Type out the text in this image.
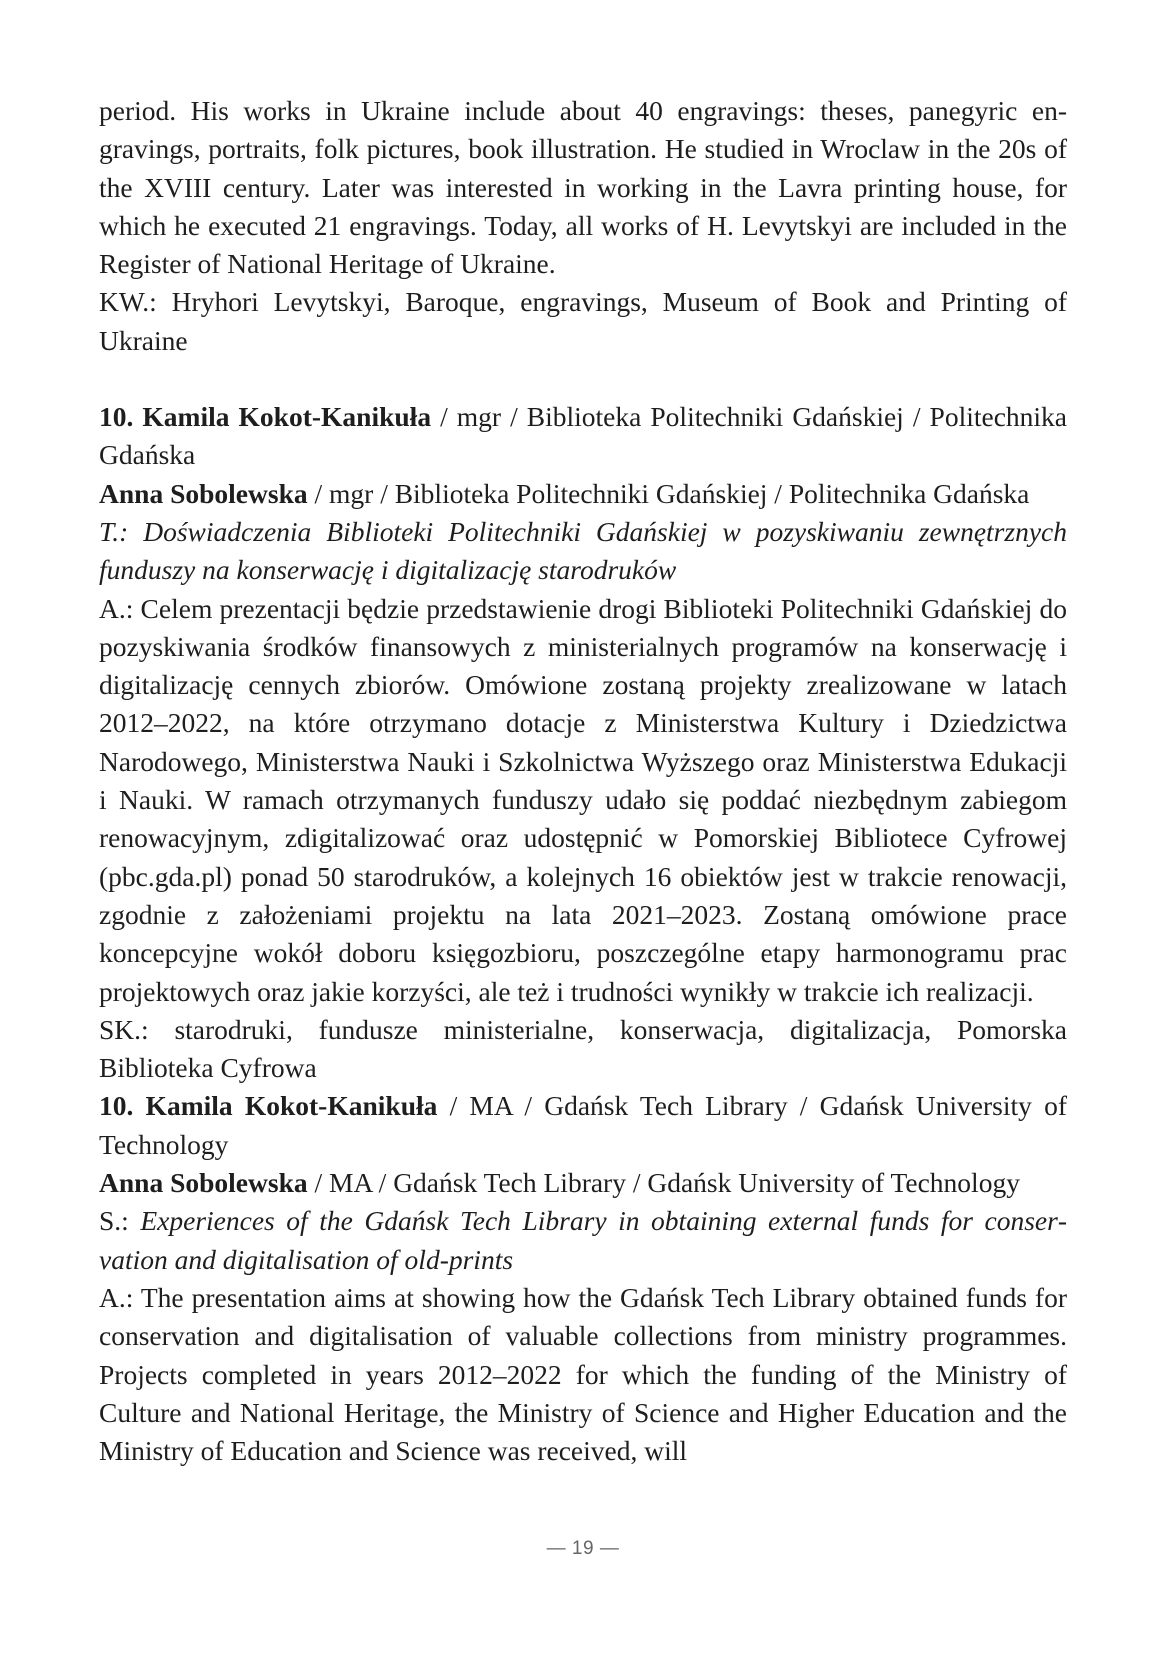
period. His works in Ukraine include about 40 engravings: theses, panegyric engravings, portraits, folk pictures, book illustration. He studied in Wroclaw in the 20s of the XVIII century. Later was interested in working in the Lavra printing house, for which he executed 21 engravings. Today, all works of H. Levytskyi are included in the Register of National Heritage of Ukraine.

KW.: Hryhori Levytskyi, Baroque, engravings, Museum of Book and Printing of Ukraine

10. Kamila Kokot-Kanikuła / mgr / Biblioteka Politechniki Gdańskiej / Politechnika Gdańska

Anna Sobolewska / mgr / Biblioteka Politechniki Gdańskiej / Politechnika Gdańska

T.: Doświadczenia Biblioteki Politechniki Gdańskiej w pozyskiwaniu zewnętrznych funduszy na konserwację i digitalizację starodruków

A.: Celem prezentacji będzie przedstawienie drogi Biblioteki Politechniki Gdańskiej do pozyskiwania środków finansowych z ministerialnych programów na konserwację i digitalizację cennych zbiorów. Omówione zostaną projekty zrealizowane w latach 2012–2022, na które otrzymano dotacje z Ministerstwa Kultury i Dziedzictwa Narodowego, Ministerstwa Nauki i Szkolnictwa Wyższego oraz Ministerstwa Edukacji i Nauki. W ramach otrzymanych funduszy udało się poddać niezbędnym zabiegom renowacyjnym, zdigitalizować oraz udostępnić w Pomorskiej Bibliotece Cyfrowej (pbc.gda.pl) ponad 50 starodruków, a kolejnych 16 obiektów jest w trakcie renowacji, zgodnie z założeniami projektu na lata 2021–2023. Zostaną omówione prace koncepcyjne wokół doboru księgozbioru, poszczególne etapy harmonogramu prac projektowych oraz jakie korzyści, ale też i trudności wynikły w trakcie ich realizacji.

SK.: starodruki, fundusze ministerialne, konserwacja, digitalizacja, Pomorska Biblioteka Cyfrowa

10. Kamila Kokot-Kanikuła / MA / Gdańsk Tech Library / Gdańsk University of Technology

Anna Sobolewska / MA / Gdańsk Tech Library / Gdańsk University of Technology

S.: Experiences of the Gdańsk Tech Library in obtaining external funds for conservation and digitalisation of old-prints

A.: The presentation aims at showing how the Gdańsk Tech Library obtained funds for conservation and digitalisation of valuable collections from ministry programmes. Projects completed in years 2012–2022 for which the funding of the Ministry of Culture and National Heritage, the Ministry of Science and Higher Education and the Ministry of Education and Science was received, will

— 19 —
